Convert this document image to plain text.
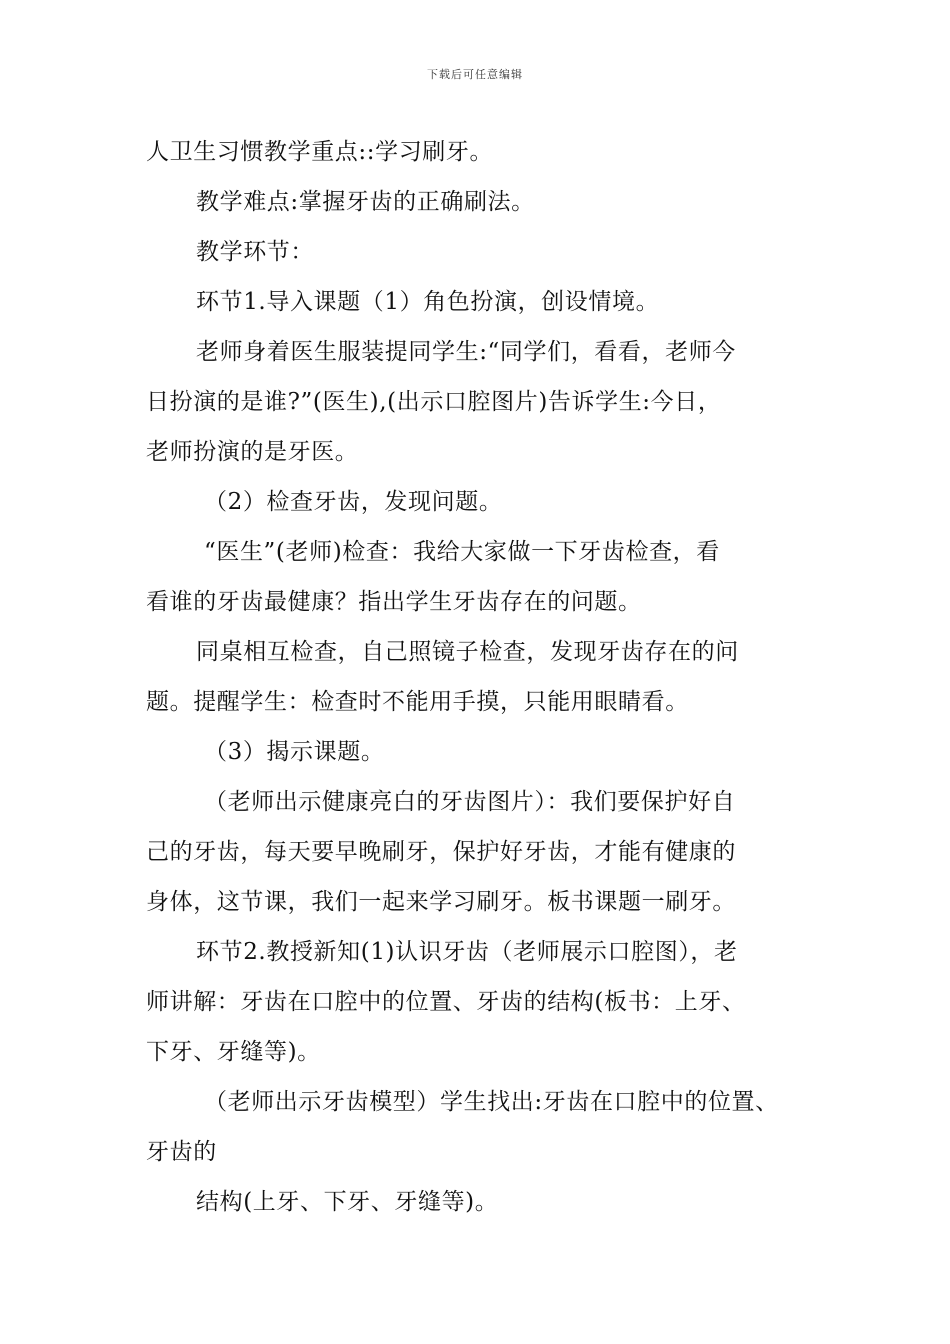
下载后可任意编辑
人卫生习惯教学重点::学习刷牙。
教学难点:掌握牙齿的正确刷法。
教学环节：
环节1.导入课题（1）角色扮演，创设情境。
老师身着医生服装提同学生:“同学们，看看，老师今
日扮演的是谁?”(医生),(出示口腔图片)告诉学生:今日，
老师扮演的是牙医。
（2）检查牙齿，发现问题。
“医生”(老师)检查：我给大家做一下牙齿检查，看
看谁的牙齿最健康？指出学生牙齿存在的问题。
同桌相互检查，自己照镜子检查，发现牙齿存在的问
题。提醒学生：检查时不能用手摸，只能用眼睛看。
（3）揭示课题。
（老师出示健康亮白的牙齿图片）：我们要保护好自
己的牙齿，每天要早晚刷牙，保护好牙齿，才能有健康的
身体，这节课，我们一起来学习刷牙。板书课题一刷牙。
环节2.教授新知(1)认识牙齿（老师展示口腔图），老
师讲解：牙齿在口腔中的位置、牙齿的结构(板书：上牙、
下牙、牙缝等)。
（老师出示牙齿模型）学生找出:牙齿在口腔中的位置、
牙齿的
结构(上牙、下牙、牙缝等)。
